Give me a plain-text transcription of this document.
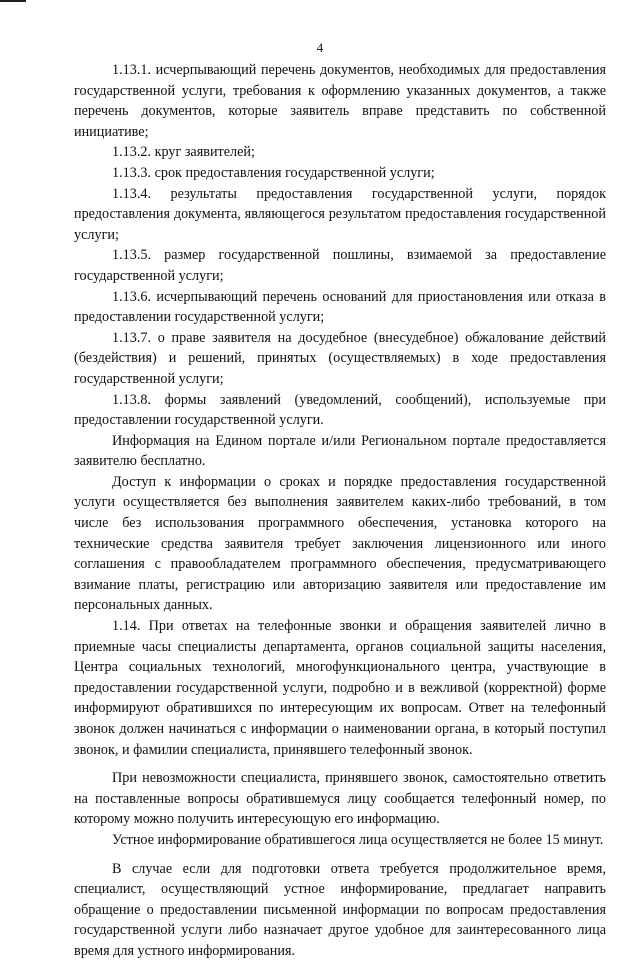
4

1.13.1. исчерпывающий перечень документов, необходимых для предоставления государственной услуги, требования к оформлению указанных документов, а также перечень документов, которые заявитель вправе представить по собственной инициативе;

1.13.2. круг заявителей;

1.13.3. срок предоставления государственной услуги;

1.13.4. результаты предоставления государственной услуги, порядок предоставления документа, являющегося результатом предоставления государственной услуги;

1.13.5. размер государственной пошлины, взимаемой за предоставление государственной услуги;

1.13.6. исчерпывающий перечень оснований для приостановления или отказа в предоставлении государственной услуги;

1.13.7. о праве заявителя на досудебное (внесудебное) обжалование действий (бездействия) и решений, принятых (осуществляемых) в ходе предоставления государственной услуги;

1.13.8. формы заявлений (уведомлений, сообщений), используемые при предоставлении государственной услуги.

Информация на Едином портале и/или Региональном портале предоставляется заявителю бесплатно.

Доступ к информации о сроках и порядке предоставления государственной услуги осуществляется без выполнения заявителем каких-либо требований, в том числе без использования программного обеспечения, установка которого на технические средства заявителя требует заключения лицензионного или иного соглашения с правообладателем программного обеспечения, предусматривающего взимание платы, регистрацию или авторизацию заявителя или предоставление им персональных данных.

1.14. При ответах на телефонные звонки и обращения заявителей лично в приемные часы специалисты департамента, органов социальной защиты населения, Центра социальных технологий, многофункционального центра, участвующие в предоставлении государственной услуги, подробно и в вежливой (корректной) форме информируют обратившихся по интересующим их вопросам. Ответ на телефонный звонок должен начинаться с информации о наименовании органа, в который поступил звонок, и фамилии специалиста, принявшего телефонный звонок.

При невозможности специалиста, принявшего звонок, самостоятельно ответить на поставленные вопросы обратившемуся лицу сообщается телефонный номер, по которому можно получить интересующую его информацию.

Устное информирование обратившегося лица осуществляется не более 15 минут.

В случае если для подготовки ответа требуется продолжительное время, специалист, осуществляющий устное информирование, предлагает направить обращение о предоставлении письменной информации по вопросам предоставления государственной услуги либо назначает другое удобное для заинтересованного лица время для устного информирования.
